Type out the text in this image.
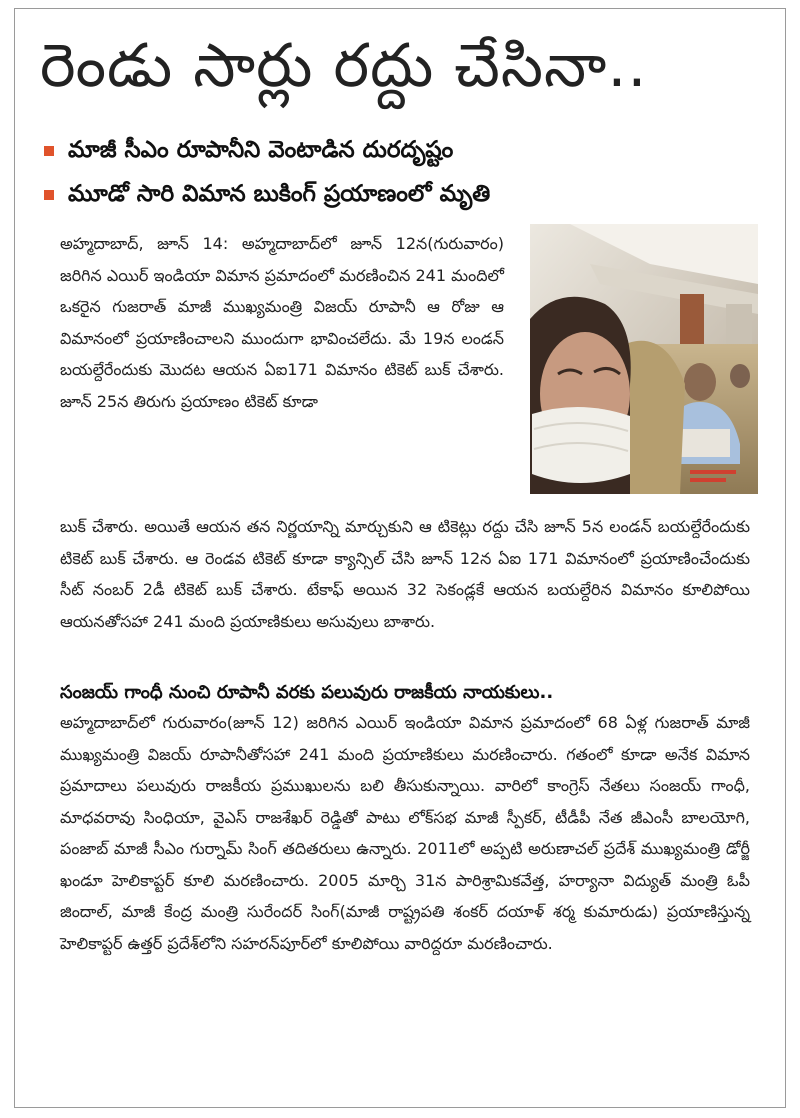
రెండు సార్లు రద్దు చేసినా..
మాజీ సీఎం రూపానీని వెంటాడిన దురదృష్టం
మూడో సారి విమాన బుకింగ్‌ ప్రయాణంలో మృతి

అహ్మదాబాద్‌, జూన్‌ 14: అహ్మదాబాద్‌లో జూన్‌ 12న(గురువారం) జరిగిన ఎయిర్‌ ఇండియా విమాన ప్రమాదంలో మరణించిన 241 మందిలో ఒకరైన గుజరాత్‌ మాజీ ముఖ్యమంత్రి విజయ్‌ రూపానీ ఆ రోజు ఆ విమానంలో ప్రయాణించాలని ముందుగా భావించలేదు. మే 19న లండన్‌ బయల్దేరేందుకు మొదట ఆయన ఏఐ171 విమానం టికెట్‌ బుక్‌ చేశారు. జూన్‌ 25న తిరుగు ప్రయాణం టికెట్‌ కూడా

బుక్‌ చేశారు. అయితే ఆయన తన నిర్ణయాన్ని మార్చుకుని ఆ టికెట్లు రద్దు చేసి జూన్‌ 5న లండన్‌ బయల్దేరేందుకు టికెట్‌ బుక్‌ చేశారు. ఆ రెండవ టికెట్‌ కూడా క్యాన్సిల్‌ చేసి జూన్‌ 12న ఏఐ 171 విమానంలో ప్రయాణించేందుకు సీట్‌ నంబర్‌ 2డీ టికెట్‌ బుక్‌ చేశారు. టేకాఫ్‌ అయిన 32 సెకండ్లకే ఆయన బయల్దేరిన విమానం కూలిపోయి ఆయనతోసహా 241 మంది ప్రయాణికులు అసువులు బాశారు.

సంజయ్‌ గాంధీ నుంచి రూపానీ వరకు పలువురు రాజకీయ నాయకులు..

అహ్మదాబాద్‌లో గురువారం(జూన్‌ 12) జరిగిన ఎయిర్‌ ఇండియా విమాన ప్రమాదంలో 68 ఏళ్ల గుజరాత్‌ మాజీ ముఖ్యమంత్రి విజయ్‌ రూపానీతోసహా 241 మంది ప్రయాణికులు మరణించారు. గతంలో కూడా అనేక విమాన ప్రమాదాలు పలువురు రాజకీయ ప్రముఖులను బలి తీసుకున్నాయి. వారిలో కాంగ్రెస్‌ నేతలు సంజయ్‌ గాంధీ, మాధవరావు సింధియా, వైఎస్‌ రాజశేఖర్‌ రెడ్డితో పాటు లోక్‌సభ మాజీ స్పీకర్‌, టీడీపీ నేత జీఎంసీ బాలయోగి, పంజాబ్‌ మాజీ సీఎం గుర్నామ్‌ సింగ్‌ తదితరులు ఉన్నారు. 2011లో అప్పటి అరుణాచల్‌ ప్రదేశ్‌ ముఖ్యమంత్రి డోర్జీ ఖండూ హెలికాప్టర్‌ కూలి మరణించారు. 2005 మార్చి 31న పారిశ్రామికవేత్త, హర్యానా విద్యుత్‌ మంత్రి ఓపీ జిందాల్‌, మాజీ కేంద్ర మంత్రి సురేందర్‌ సింగ్‌(మాజీ రాష్ట్రపతి శంకర్‌ దయాళ్‌ శర్మ కుమారుడు) ప్రయాణిస్తున్న హెలికాప్టర్‌ ఉత్తర్‌ ప్రదేశ్‌లోని సహరన్‌పూర్‌లో కూలిపోయి వారిద్దరూ మరణించారు.
